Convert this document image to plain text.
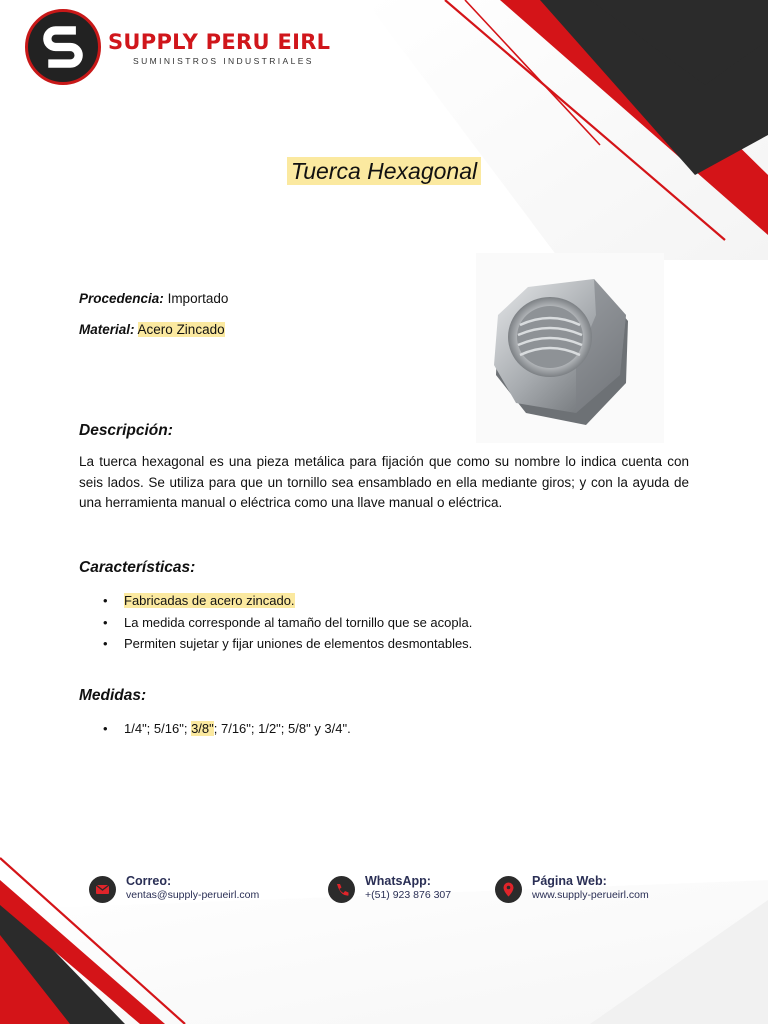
SUPPLY PERU EIRL
SUMINISTROS INDUSTRIALES
Tuerca Hexagonal
Procedencia: Importado
Material: Acero Zincado
Descripción:

La tuerca hexagonal es una pieza metálica para fijación que como su nombre lo indica cuenta con seis lados. Se utiliza para que un tornillo sea ensamblado en ella mediante giros; y con la ayuda de una herramienta manual o eléctrica como una llave manual o eléctrica.

Características:
• Fabricadas de acero zincado.
• La medida corresponde al tamaño del tornillo que se acopla.
• Permiten sujetar y fijar uniones de elementos desmontables.
Medidas:
• 1/4"; 5/16"; 3/8"; 7/16"; 1/2"; 5/8" y 3/4".
Correo:
ventas@supply-perueirl.com
WhatsApp:
+(51) 923 876 307
Página Web:
www.supply-perueirl.com
